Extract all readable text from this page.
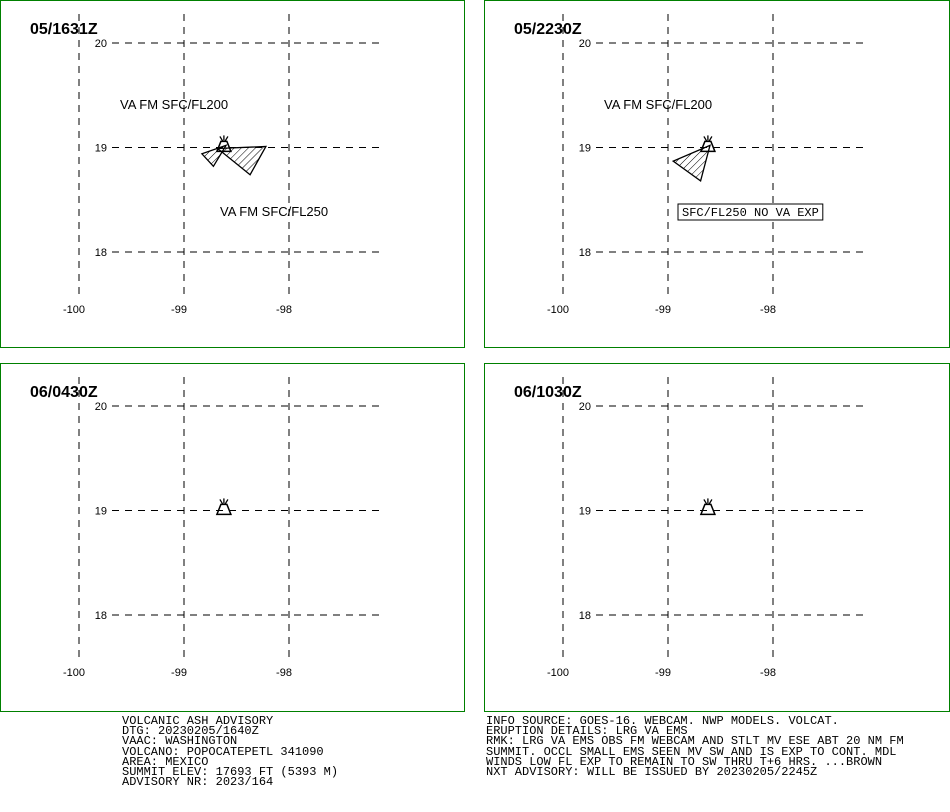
20
19
18
-100	-99	-98
05/1631Z
VA FM SFC/FL200
VA FM SFC/FL250
20
19
18
-100	-99	-98
05/2230Z
VA FM SFC/FL200
SFC/FL250 NO VA EXP
20
19
18
-100	-99	-98
06/0430Z
20
19
18
-100	-99	-98
06/1030Z
VOLCANIC ASH ADVISORY
DTG: 20230205/1640Z
VAAC: WASHINGTON
VOLCANO: POPOCATEPETL 341090
AREA: MEXICO
SUMMIT ELEV: 17693 FT (5393 M)
ADVISORY NR: 2023/164
INFO SOURCE: GOES-16. WEBCAM. NWP MODELS. VOLCAT.
ERUPTION DETAILS: LRG VA EMS
RMK: LRG VA EMS OBS FM WEBCAM AND STLT MV ESE ABT 20 NM FM
SUMMIT. OCCL SMALL EMS SEEN MV SW AND IS EXP TO CONT. MDL
WINDS LOW FL EXP TO REMAIN TO SW THRU T+6 HRS. ...BROWN
NXT ADVISORY: WILL BE ISSUED BY 20230205/2245Z
